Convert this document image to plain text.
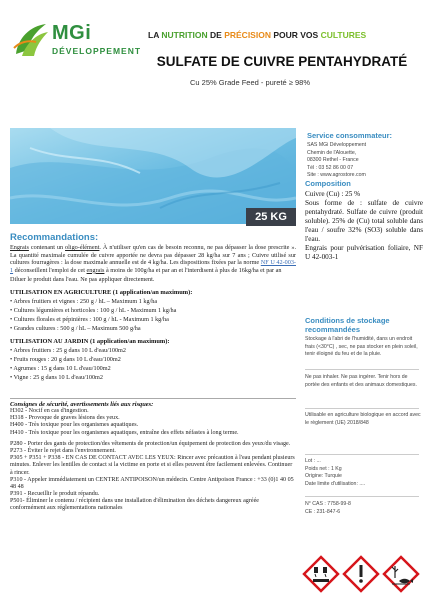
MGi
DÉVELOPPEMENT
LA NUTRITION DE PRÉCISION POUR VOS CULTURES
SULFATE DE CUIVRE PENTAHYDRATÉ
Cu 25% Grade Feed - pureté ≥ 98%
25 KG
Service consommateur:
SAS MGi Développement
Chemin de l'Alouette,
08300 Rethel - France
Tél : 03 52 86 00 07
Site : www.agrostore.com
Composition
Cuivre (Cu) : 25 %
Sous forme de : sulfate de cuivre pentahydraté. Sulfate de cuivre (produit soluble). 25% de (Cu) total soluble dans l'eau / soufre 32% (SO3) soluble dans l'eau.
Engrais pour pulvérisation foliaire, NF U 42-003-1
Conditions de stockage recommandées
Stockage à l'abri de l'humidité, dans un endroit frais (<30°C) , sec, ne pas stocker en plein soleil, tenir éloigné du feu et de la pluie.
Ne pas inhaler. Ne pas ingérer. Tenir hors de portée des enfants et des animaux domestiques.
Utilisable en agriculture biologique en accord avec le règlement (UE) 2018/848
Lot : ...
Poids net : 1 Kg
Origine: Turquie
Date limite d'utilisation: ....
N° CAS : 7758-99-8
CE : 231-847-6
Recommandations:
Engrais contenant un oligo-élément. À n'utiliser qu'en cas de besoin reconnu, ne pas dépasser la dose prescrite ». La quantité maximale cumulée de cuivre apportée ne devra pas dépasser 28 kg/ha sur 7 ans ; Cuivre utilisé sur cultures fourragères : la dose maximale annuelle est de 4 kg/ha. Les dispositions fixées par la norme NF U 42-003-1 déconseillent l'emploi de cet engrais à moins de 100g/ha et par an et l'interdisent à plus de 16kg/ha et par an
Diluer le produit dans l'eau. Ne pas appliquer directement.
UTILISATION EN AGRICULTURE (1 application/an maximum):
• Arbres fruitiers et vignes : 250 g / hL – Maximum 1 kg/ha
• Cultures légumières et horticoles : 100 g / hL - Maximum 1 kg/ha
• Cultures florales et pépinières : 100 g / hL - Maximum 1 kg/ha
• Grandes cultures : 500 g / hL – Maximum 500 g/ha
UTILISATION AU JARDIN (1 application/an maximum):
• Arbres fruitiers : 25 g dans 10 L d'eau/100m2
• Fruits rouges : 20 g dans 10 L d'eau/100m2
• Agrumes : 15 g dans 10 L d'eau/100m2
• Vigne : 25 g dans 10 L d'eau/100m2
Consignes de sécurité, avertissements liés aux risques:
H302 - Nocif en cas d'ingestion.
H318 - Provoque de graves lésions des yeux.
H400 - Très toxique pour les organismes aquatiques.
H410 - Très toxique pour les organismes aquatiques, entraîne des effets néfastes à long terme.
P280 - Porter des gants de protection/des vêtements de protection/un équipement de protection des yeux/du visage.
P273 - Éviter le rejet dans l'environnement.
P305 + P351 + P338 - EN CAS DE CONTACT AVEC LES YEUX: Rincer avec précaution à l'eau pendant plusieurs minutes. Enlever les lentilles de contact si la victime en porte et si elles peuvent être facilement enlevées. Continuer à rincer.
P310 - Appeler immédiatement un CENTRE ANTIPOISON/un médecin. Centre Antipoison France : +33 (0)1 40 05 48 48
P391 - Recueillir le produit répandu.
P501- Éliminer le contenu / récipient dans une installation d'élimination des déchets dangereux agréée conformément aux réglementations nationales
